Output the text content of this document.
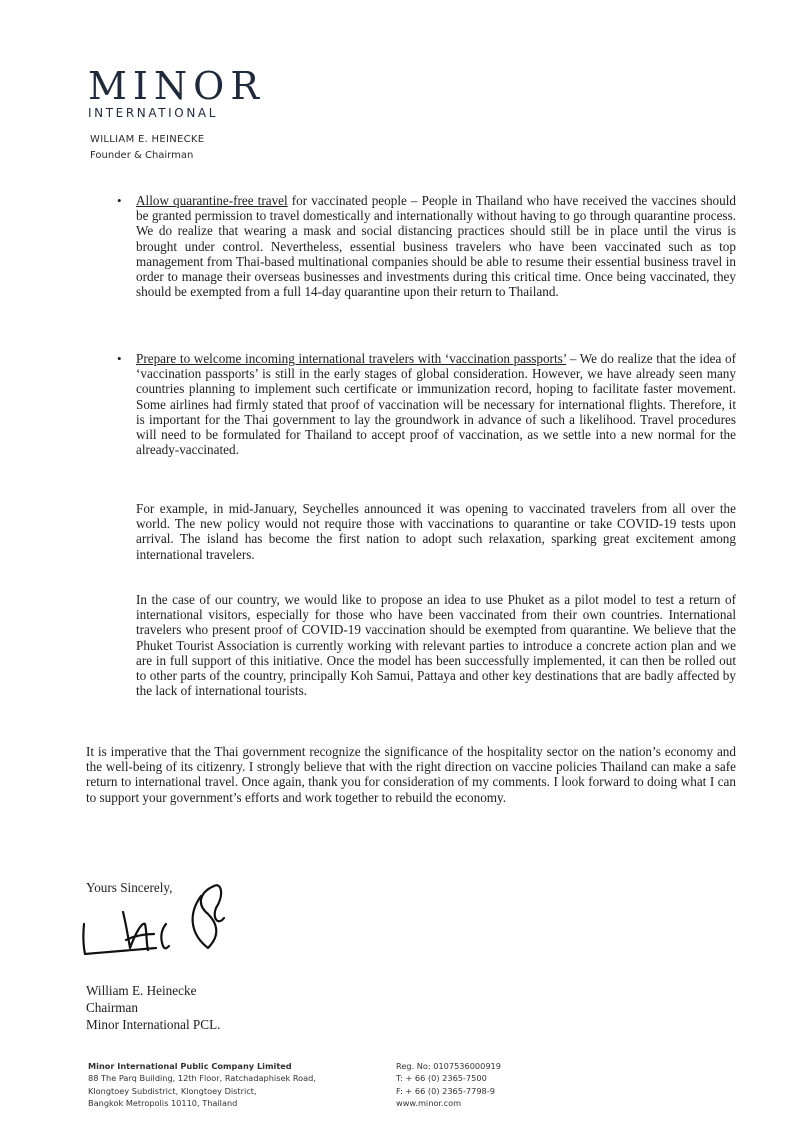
MINOR
INTERNATIONAL
WILLIAM E. HEINECKE
Founder & Chairman
• Allow quarantine-free travel for vaccinated people – People in Thailand who have received the vaccines should be granted permission to travel domestically and internationally without having to go through quarantine process. We do realize that wearing a mask and social distancing practices should still be in place until the virus is brought under control. Nevertheless, essential business travelers who have been vaccinated such as top management from Thai-based multinational companies should be able to resume their essential business travel in order to manage their overseas businesses and investments during this critical time. Once being vaccinated, they should be exempted from a full 14-day quarantine upon their return to Thailand.
• Prepare to welcome incoming international travelers with ‘vaccination passports’ – We do realize that the idea of ‘vaccination passports’ is still in the early stages of global consideration. However, we have already seen many countries planning to implement such certificate or immunization record, hoping to facilitate faster movement. Some airlines had firmly stated that proof of vaccination will be necessary for international flights. Therefore, it is important for the Thai government to lay the groundwork in advance of such a likelihood. Travel procedures will need to be formulated for Thailand to accept proof of vaccination, as we settle into a new normal for the already-vaccinated.
For example, in mid-January, Seychelles announced it was opening to vaccinated travelers from all over the world. The new policy would not require those with vaccinations to quarantine or take COVID-19 tests upon arrival. The island has become the first nation to adopt such relaxation, sparking great excitement among international travelers.
In the case of our country, we would like to propose an idea to use Phuket as a pilot model to test a return of international visitors, especially for those who have been vaccinated from their own countries. International travelers who present proof of COVID-19 vaccination should be exempted from quarantine. We believe that the Phuket Tourist Association is currently working with relevant parties to introduce a concrete action plan and we are in full support of this initiative. Once the model has been successfully implemented, it can then be rolled out to other parts of the country, principally Koh Samui, Pattaya and other key destinations that are badly affected by the lack of international tourists.
It is imperative that the Thai government recognize the significance of the hospitality sector on the nation’s economy and the well-being of its citizenry. I strongly believe that with the right direction on vaccine policies Thailand can make a safe return to international travel. Once again, thank you for consideration of my comments. I look forward to doing what I can to support your government’s efforts and work together to rebuild the economy.
Yours Sincerely,
William E. Heinecke
Chairman
Minor International PCL.
Minor International Public Company Limited
88 The Parq Building, 12th Floor, Ratchadaphisek Road,
Klongtoey Subdistrict, Klongtoey District,
Bangkok Metropolis 10110, Thailand
Reg. No: 0107536000919
T: + 66 (0) 2365-7500
F: + 66 (0) 2365-7798-9
www.minor.com
